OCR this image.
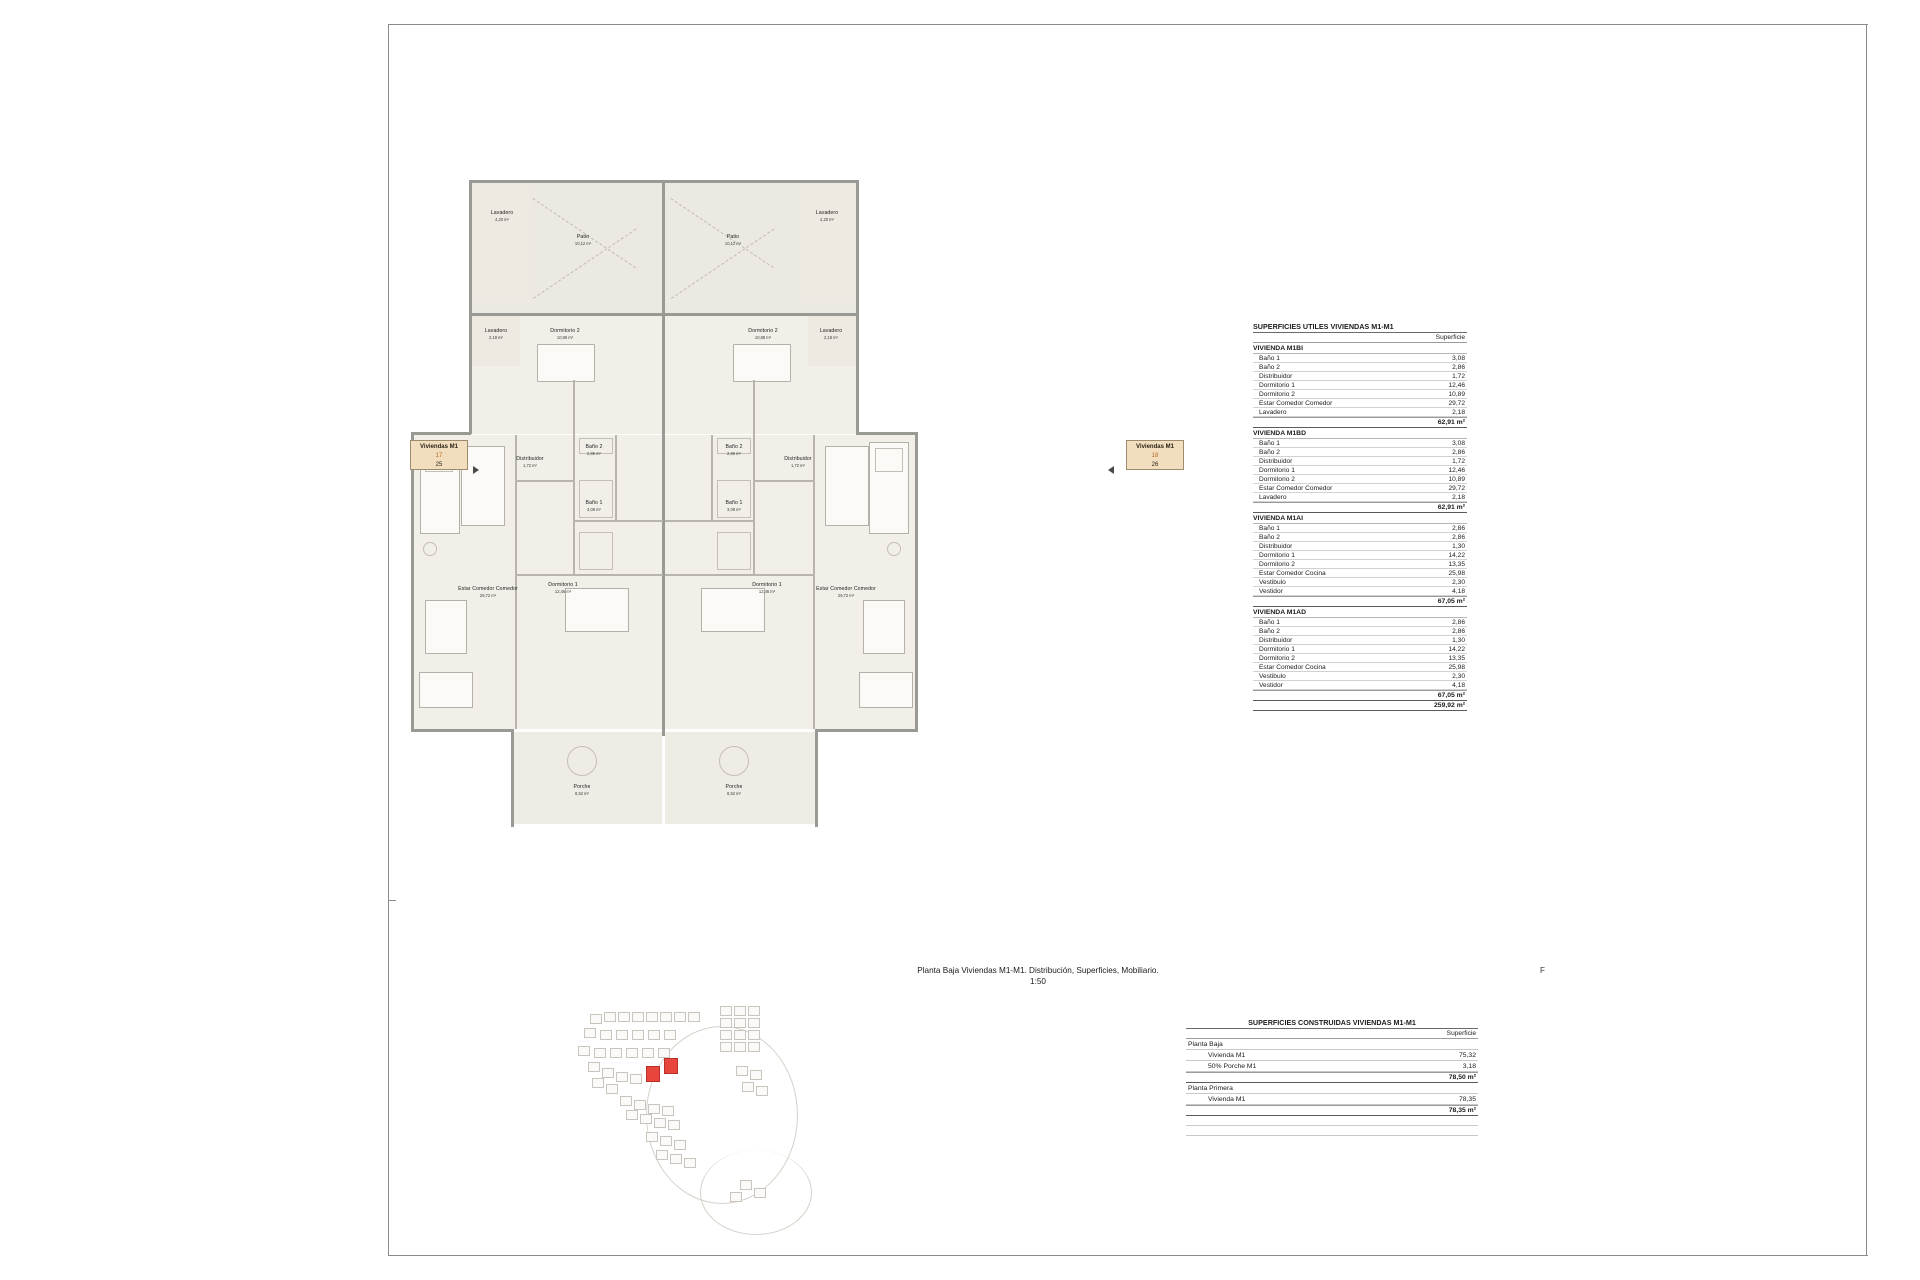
Lavadero
4,20 m²
Patio
10,12 m²
Patio
10,12 m²
Lavadero
4,20 m²
Lavadero
2,18 m²
Lavadero
2,18 m²
Dormitorio 2
10,89 m²
Dormitorio 2
10,89 m²
Baño 2
2,86 m²
Baño 2
2,86 m²
Baño 1
3,08 m²
Baño 1
3,08 m²
Distribuidor
1,72 m²
Distribuidor
1,72 m²
Estar Comedor Comedor
29,72 m²
Estar Comedor Comedor
29,72 m²
Dormitorio 1
12,46 m²
Dormitorio 1
12,46 m²
Porche
8,52 m²
Porche
8,52 m²
Viviendas M1
17
25
Viviendas M1
18
26
Planta Baja Viviendas M1-M1. Distribución, Superficies, Mobiliario.
1:50
F
SUPERFICIES UTILES VIVIENDAS M1-M1
Superficie
VIVIENDA M1BI
Baño 1	3,08
Baño 2	2,86
Distribuidor	1,72
Dormitorio 1	12,46
Dormitorio 2	10,89
Estar Comedor Comedor	29,72
Lavadero	2,18
62,91 m²
VIVIENDA M1BD
Baño 1	3,08
Baño 2	2,86
Distribuidor	1,72
Dormitorio 1	12,46
Dormitorio 2	10,89
Estar Comedor Comedor	29,72
Lavadero	2,18
62,91 m²
VIVIENDA M1AI
Baño 1	2,86
Baño 2	2,86
Distribuidor	1,30
Dormitorio 1	14,22
Dormitorio 2	13,35
Estar Comedor Cocina	25,98
Vestibulo	2,30
Vestidor	4,18
67,05 m²
VIVIENDA M1AD
Baño 1	2,86
Baño 2	2,86
Distribuidor	1,30
Dormitorio 1	14,22
Dormitorio 2	13,35
Estar Comedor Cocina	25,98
Vestibulo	2,30
Vestidor	4,18
67,05 m²
259,92 m²
SUPERFICIES CONSTRUIDAS VIVIENDAS M1-M1
Superficie
Planta Baja
Vivienda M1	75,32
50% Porche M1	3,18
78,50 m²
Planta Primera
Vivienda M1	78,35
78,35 m²
